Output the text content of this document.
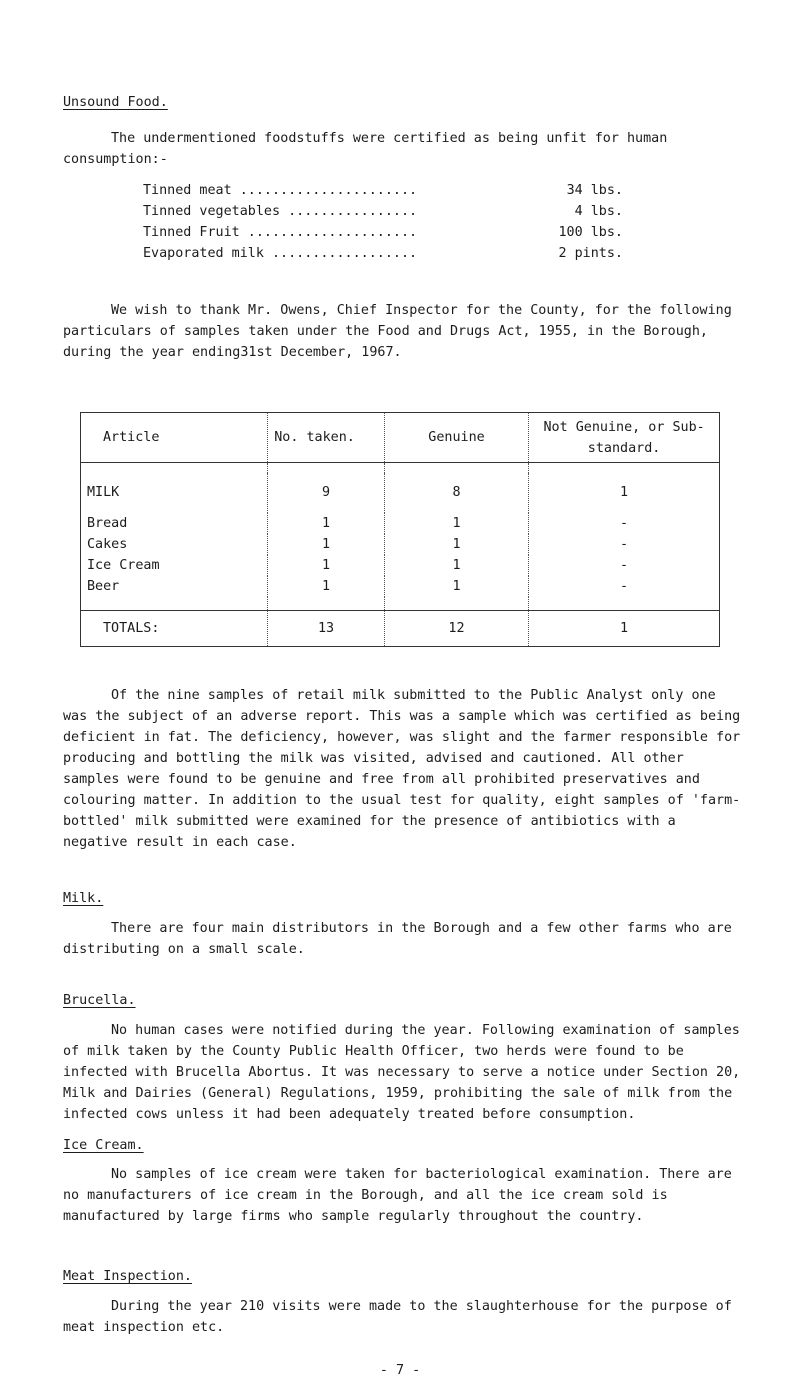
Unsound Food.
The undermentioned foodstuffs were certified as being unfit for human consumption:-
Tinned meat ......................	34 lbs.
Tinned vegetables ................	4 lbs.
Tinned Fruit .....................	100 lbs.
Evaporated milk ..................	2 pints.
We wish to thank Mr. Owens, Chief Inspector for the County, for the following particulars of samples taken under the Food and Drugs Act, 1955, in the Borough, during the year ending31st December, 1967.
Article	No. taken.	Genuine	Not Genuine, or Sub-standard.

MILK	9	8	1
Bread	1	1	-
Cakes	1	1	-
Ice Cream	1	1	-
Beer	1	1	-

TOTALS:	13	12	1
Of the nine samples of retail milk submitted to the Public Analyst only one was the subject of an adverse report. This was a sample which was certified as being deficient in fat. The deficiency, however, was slight and the farmer responsible for producing and bottling the milk was visited, advised and cautioned. All other samples were found to be genuine and free from all prohibited preservatives and colouring matter. In addition to the usual test for quality, eight samples of 'farm-bottled' milk submitted were examined for the presence of antibiotics with a negative result in each case.
Milk.
There are four main distributors in the Borough and a few other farms who are distributing on a small scale.
Brucella.
No human cases were notified during the year. Following examination of samples of milk taken by the County Public Health Officer, two herds were found to be infected with Brucella Abortus. It was necessary to serve a notice under Section 20, Milk and Dairies (General) Regulations, 1959, prohibiting the sale of milk from the infected cows unless it had been adequately treated before consumption.
Ice Cream.
No samples of ice cream were taken for bacteriological examination. There are no manufacturers of ice cream in the Borough, and all the ice cream sold is manufactured by large firms who sample regularly throughout the country.
Meat Inspection.
During the year 210 visits were made to the slaughterhouse for the purpose of meat inspection etc.
- 7 -
